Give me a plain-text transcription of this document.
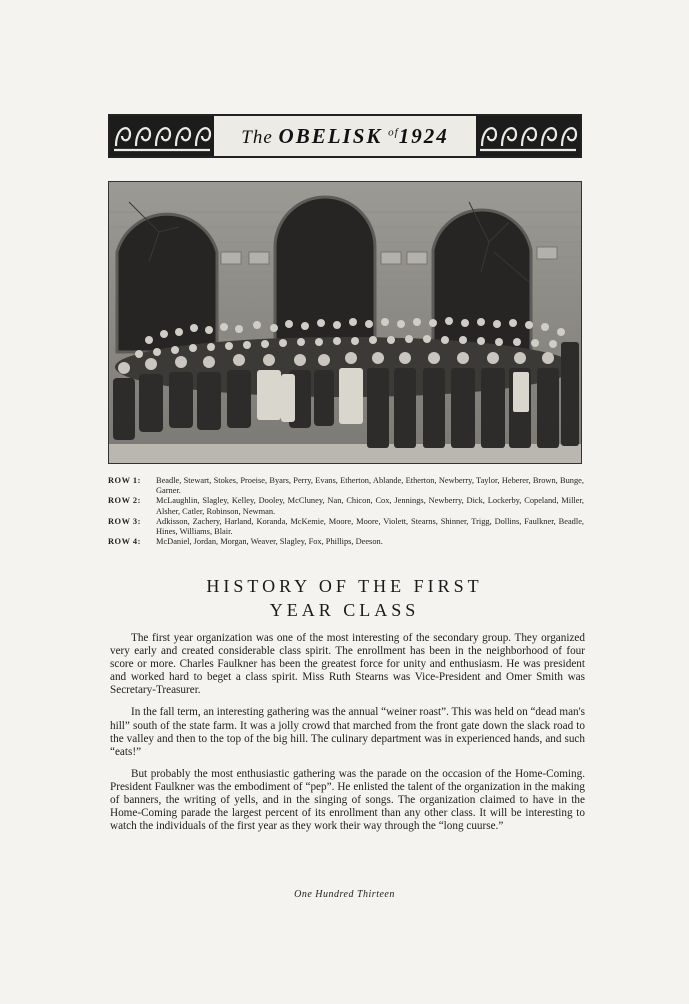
The OBELISK $^{of}$1924
ROW 1:	Beadle, Stewart, Stokes, Proeise, Byars, Perry, Evans, Etherton, Ablande, Etherton, Newberry, Taylor, Heberer, Brown, Bunge, Garner.
ROW 2:	McLaughlin, Slagley, Kelley, Dooley, McCluney, Nan, Chicon, Cox, Jennings, Newberry, Dick, Lockerby, Copeland, Miller, Alsher, Catler, Robinson, Newman.
ROW 3:	Adkisson, Zachery, Harland, Koranda, McKemie, Moore, Moore, Violett, Stearns, Shinner, Trigg, Dollins, Faulkner, Beadle, Hines, Williams, Blair.
ROW 4:	McDaniel, Jordan, Morgan, Weaver, Slagley, Fox, Phillips, Deeson.
HISTORY OF THE FIRST
YEAR CLASS

The first year organization was one of the most interesting of the secondary group. They organized very early and created considerable class spirit. The enrollment has been in the neighborhood of four score or more. Charles Faulkner has been the greatest force for unity and enthusiasm. He was president and worked hard to beget a class spirit. Miss Ruth Stearns was Vice-President and Omer Smith was Secretary-Treasurer.

In the fall term, an interesting gathering was the annual “weiner roast”. This was held on “dead man's hill” south of the state farm. It was a jolly crowd that marched from the front gate down the slack road to the valley and then to the top of the big hill. The culinary department was in experienced hands, and such “eats!”

But probably the most enthusiastic gathering was the parade on the occasion of the Home-Coming. President Faulkner was the embodiment of “pep”. He enlisted the talent of the organization in the making of banners, the writing of yells, and in the singing of songs. The organization claimed to have in the Home-Coming parade the largest percent of its enrollment than any other class. It will be interesting to watch the individuals of the first year as they work their way through the “long cuurse.”

One Hundred Thirteen
